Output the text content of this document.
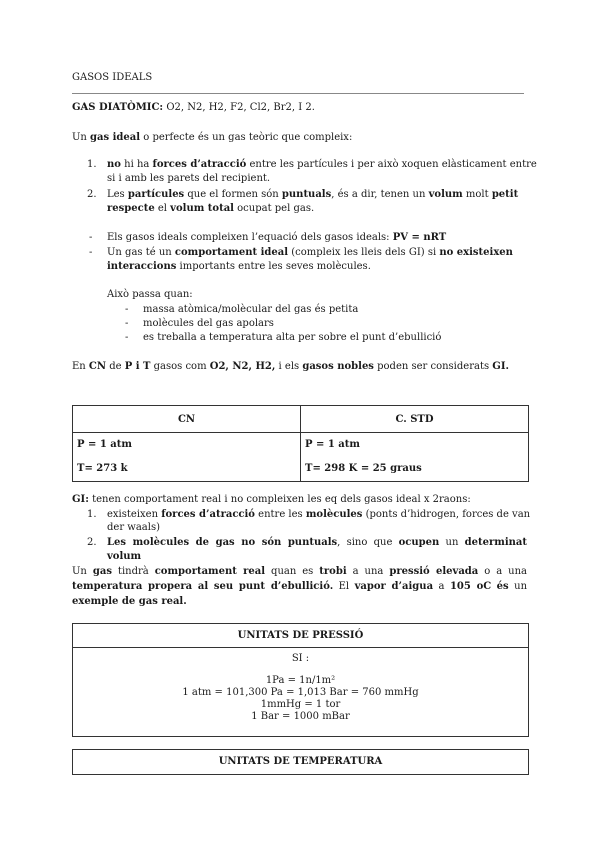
GASOS IDEALS
GAS DIATÒMIC: O2, N2, H2, F2, Cl2, Br2, I 2.
Un gas ideal o perfecte és un gas teòric que compleix:
1. no hi ha forces d’atracció entre les partícules i per això xoquen elàsticament entre
si i amb les parets del recipient.
2. Les partícules que el formen són puntuals, és a dir, tenen un volum molt petit
respecte el volum total ocupat pel gas.
- Els gasos ideals compleixen l’equació dels gasos ideals: PV = nRT
- Un gas té un comportament ideal (compleix les lleis dels GI) si no existeixen
interaccions importants entre les seves molècules.
Això passa quan:
- massa atòmica/molècular del gas és petita
- molècules del gas apolars
- es treballa a temperatura alta per sobre el punt d’ebullició
En CN de P i T gasos com O2, N2, H2, i els gasos nobles poden ser considerats GI.
CN	C. STD
P = 1 atm	P = 1 atm
T= 273 k	T= 298 K = 25 graus
GI: tenen comportament real i no compleixen les eq dels gasos ideal x 2raons:
1. existeixen forces d’atracció entre les molècules (ponts d’hidrogen, forces de van
der waals)
2. Les molècules de gas no són puntuals, sino que ocupen un determinat
volum
Un gas tindrà comportament real quan es trobi a una pressió elevada o a una
temperatura propera al seu punt d’ebullició. El vapor d’aigua a 105 oC és un
exemple de gas real.
UNITATS DE PRESSIÓ
SI :
1Pa = 1n/1m²
1 atm = 101,300 Pa = 1,013 Bar = 760 mmHg
1mmHg = 1 tor
1 Bar = 1000 mBar
UNITATS DE TEMPERATURA
